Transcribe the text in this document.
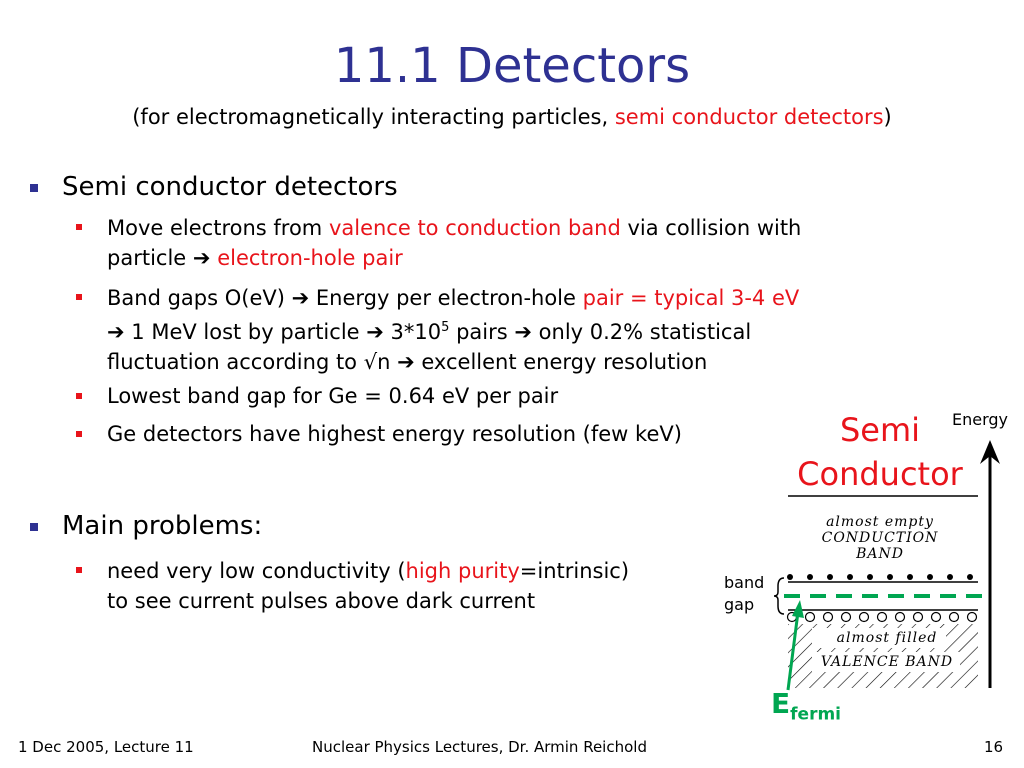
11.1 Detectors
(for electromagnetically interacting particles, semi conductor detectors)
Semi conductor detectors
Move electrons from valence to conduction band via collision with
particle ➔ electron-hole pair
Band gaps O(eV) ➔ Energy per electron-hole pair = typical 3-4 eV
➔ 1 MeV lost by particle ➔ $3*10^5$ pairs ➔ only 0.2% statistical
fluctuation according to √n ➔ excellent energy resolution
Lowest band gap for Ge = 0.64 eV per pair
Ge detectors have highest energy resolution (few keV)
Main problems:
need very low conductivity (high purity=intrinsic)
to see current pulses above dark current
Semi
Conductor
Energy
almost empty
CONDUCTION BAND
almost filled
VALENCE BAND
band
gap
$E_{fermi}$
1 Dec 2005, Lecture 11	Nuclear Physics Lectures, Dr. Armin Reichold	16
